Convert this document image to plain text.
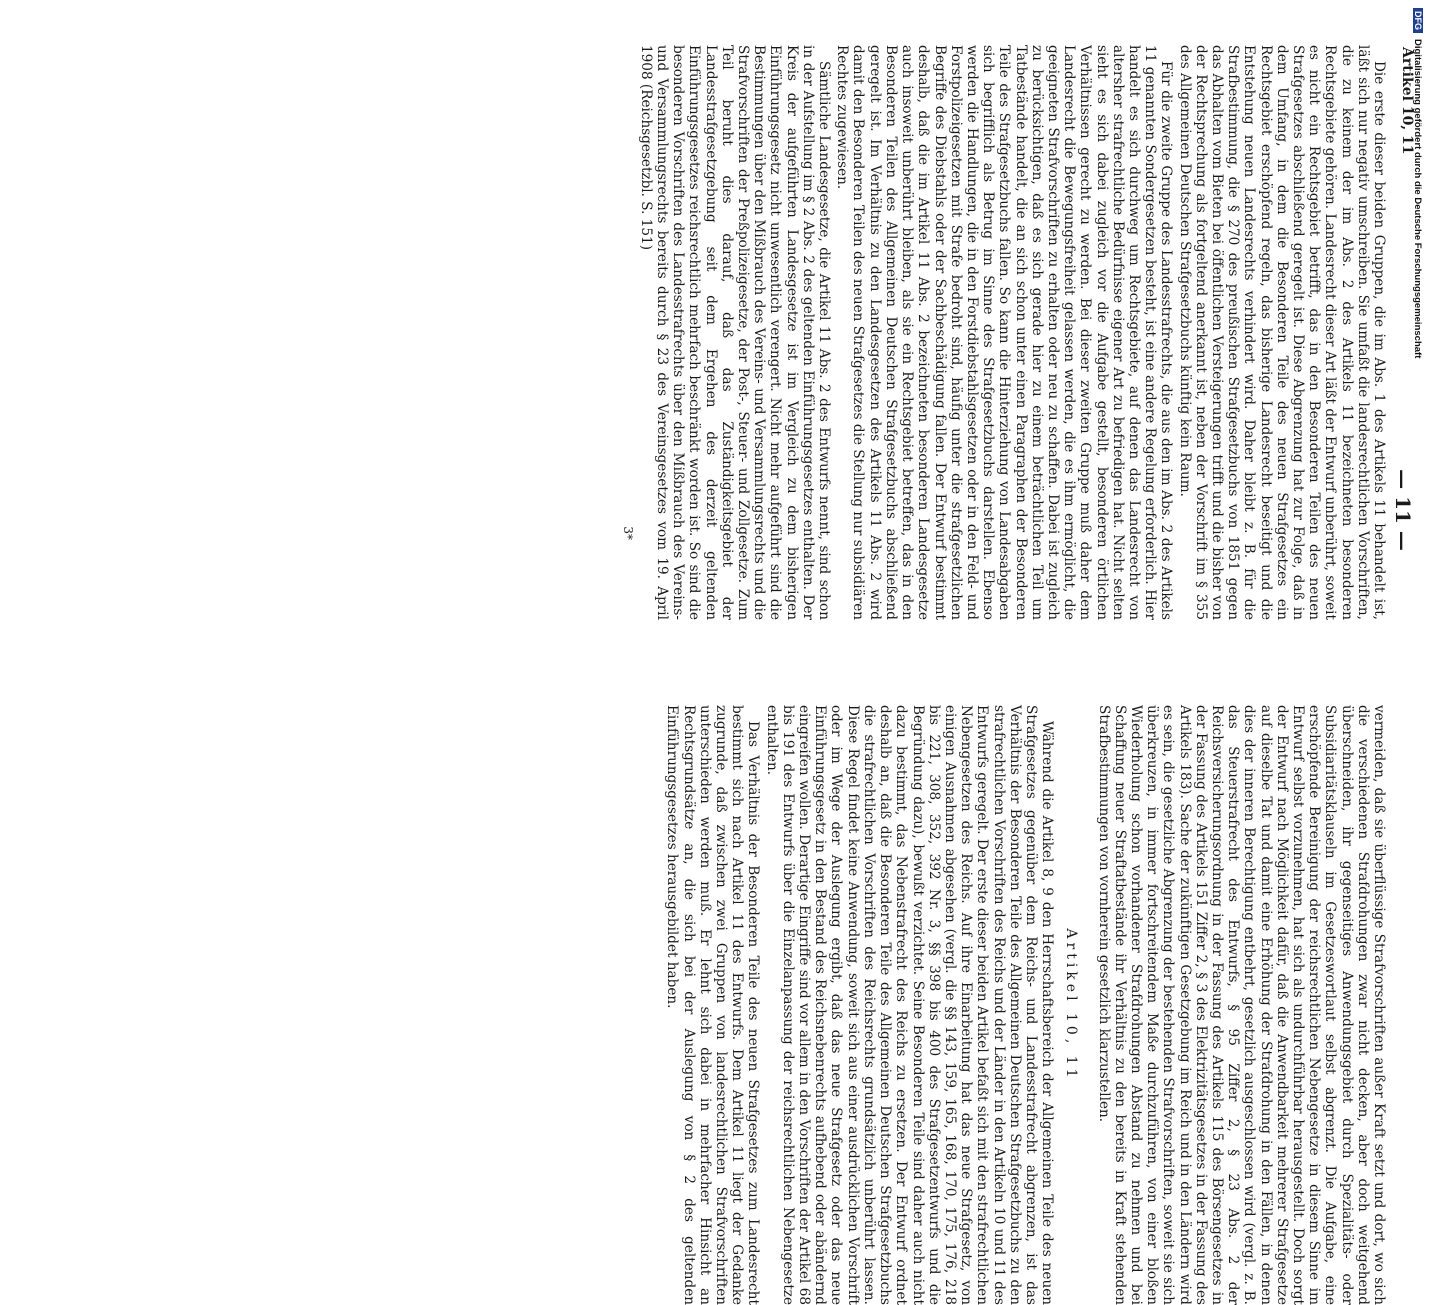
DFG
Digitalisierung gefördert durch die Deutsche Forschungsgemeinschaft
Artikel 10, 11
— 11 —

Die erste dieser beiden Gruppen, die im Abs. 1 des Artikels 11 behandelt ist, läßt sich nur negativ umschreiben. Sie umfaßt die landesrechtlichen Vorschriften, die zu keinem der im Abs. 2 des Artikels 11 bezeichneten besonderen Rechtsgebiete gehören. Landesrecht dieser Art läßt der Entwurf unberührt, soweit es nicht ein Rechtsgebiet betrifft, das in den Besonderen Teilen des neuen Strafgesetzes abschließend geregelt ist. Diese Abgrenzung hat zur Folge, daß in dem Umfang, in dem die Besonderen Teile des neuen Strafgesetzes ein Rechtsgebiet erschöpfend regeln, das bisherige Landesrecht beseitigt und die Entstehung neuen Landesrechts verhindert wird. Daher bleibt z. B. für die Strafbestimmung, die § 270 des preußischen Strafgesetzbuchs von 1851 gegen das Abhalten vom Bieten bei öffentlichen Versteigerungen trifft und die bisher von der Rechtsprechung als fortgeltend anerkannt ist, neben der Vorschrift im § 355 des Allgemeinen Deutschen Strafgesetzbuchs künftig kein Raum.

Für die zweite Gruppe des Landesstrafrechts, die aus den im Abs. 2 des Artikels 11 genannten Sondergesetzen besteht, ist eine andere Regelung erforderlich. Hier handelt es sich durchweg um Rechtsgebiete, auf denen das Landesrecht von altersher strafrechtliche Bedürfnisse eigener Art zu befriedigen hat. Nicht selten sieht es sich dabei zugleich vor die Aufgabe gestellt, besonderen örtlichen Verhältnissen gerecht zu werden. Bei dieser zweiten Gruppe muß daher dem Landesrecht die Bewegungsfreiheit gelassen werden, die es ihm ermöglicht, die geeigneten Strafvorschriften zu erhalten oder neu zu schaffen. Dabei ist zugleich zu berücksichtigen, daß es sich gerade hier zu einem beträchtlichen Teil um Tatbestände handelt, die an sich schon unter einen Paragraphen der Besonderen Teile des Strafgesetzbuchs fallen. So kann die Hinterziehung von Landesabgaben sich begrifflich als Betrug im Sinne des Strafgesetzbuchs darstellen. Ebenso werden die Handlungen, die in den Forstdiebstahlsgesetzen oder in den Feld- und Forstpolizeigesetzen mit Strafe bedroht sind, häufig unter die strafgesetzlichen Begriffe des Diebstahls oder der Sachbeschädigung fallen. Der Entwurf bestimmt deshalb, daß die im Artikel 11 Abs. 2 bezeichneten besonderen Landesgesetze auch insoweit unberührt bleiben, als sie ein Rechtsgebiet betreffen, das in den Besonderen Teilen des Allgemeinen Deutschen Strafgesetzbuchs abschließend geregelt ist. Im Verhältnis zu den Landesgesetzen des Artikels 11 Abs. 2 wird damit den Besonderen Teilen des neuen Strafgesetzes die Stellung nur subsidiären Rechtes zugewiesen.

Sämtliche Landesgesetze, die Artikel 11 Abs. 2 des Entwurfs nennt, sind schon in der Aufstellung im § 2 Abs. 2 des geltenden Einführungsgesetzes enthalten. Der Kreis der aufgeführten Landesgesetze ist im Vergleich zu dem bisherigen Einführungsgesetz nicht unwesentlich verengert. Nicht mehr aufgeführt sind die Bestimmungen über den Mißbrauch des Vereins- und Versammlungsrechts und die Strafvorschriften der Preßpolizeigesetze, der Post-, Steuer- und Zollgesetze. Zum Teil beruht dies darauf, daß das Zuständigkeitsgebiet der Landesstrafgesetzgebung seit dem Ergehen des derzeit geltenden Einführungsgesetzes reichsrechtlich mehrfach beschränkt worden ist. So sind die besonderen Vorschriften des Landesstrafrechts über den Mißbrauch des Vereins- und Versammlungsrechts bereits durch § 23 des Vereinsgesetzes vom 19. April 1908 (Reichsgesetzbl. S. 151)

3*

vermeiden, daß sie überflüssige Strafvorschriften außer Kraft setzt und dort, wo sich die verschiedenen Strafdrohungen zwar nicht decken, aber doch weitgehend überschneiden, ihr gegenseitiges Anwendungsgebiet durch Spezialitäts- oder Subsidiaritätsklauseln im Gesetzeswortlaut selbst abgrenzt. Die Aufgabe, eine erschöpfende Bereinigung der reichsrechtlichen Nebengesetze in diesem Sinne im Entwurf selbst vorzunehmen, hat sich als undurchführbar herausgestellt. Doch sorgt der Entwurf nach Möglichkeit dafür, daß die Anwendbarkeit mehrerer Strafgesetze auf dieselbe Tat und damit eine Erhöhung der Strafdrohung in den Fällen, in denen dies der inneren Berechtigung entbehrt, gesetzlich ausgeschlossen wird (vergl. z. B. das Steuerstrafrecht des Entwurfs, § 95 Ziffer 2, § 23 Abs. 2 der Reichsversicherungsordnung in der Fassung des Artikels 115 des Börsengesetzes in der Fassung des Artikels 151 Ziffer 2, § 3 des Elektrizitätsgesetzes in der Fassung des Artikels 183). Sache der zukünftigen Gesetzgebung im Reich und in den Ländern wird es sein, die gesetzliche Abgrenzung der bestehenden Strafvorschriften, soweit sie sich überkreuzen, in immer fortschreitendem Maße durchzuführen, von einer bloßen Wiederholung schon vorhandener Strafdrohungen Abstand zu nehmen und bei Schaffung neuer Straftatbestände ihr Verhältnis zu den bereits in Kraft stehenden Strafbestimmungen von vornherein gesetzlich klarzustellen.

Artikel 10, 11

Während die Artikel 8, 9 den Herrschaftsbereich der Allgemeinen Teile des neuen Strafgesetzes gegenüber dem Reichs- und Landesstrafrecht abgrenzen, ist das Verhältnis der Besonderen Teile des Allgemeinen Deutschen Strafgesetzbuchs zu den strafrechtlichen Vorschriften des Reichs und der Länder in den Artikeln 10 und 11 des Entwurfs geregelt. Der erste dieser beiden Artikel befaßt sich mit den strafrechtlichen Nebengesetzen des Reichs. Auf ihre Einarbeitung hat das neue Strafgesetz, von einigen Ausnahmen abgesehen (vergl. die §§ 143, 159, 165, 168, 170, 175, 176, 218 bis 221, 308, 352, 392 Nr. 3, §§ 398 bis 400 des Strafgesetzentwurfs und die Begründung dazu), bewußt verzichtet. Seine Besonderen Teile sind daher auch nicht dazu bestimmt, das Nebenstrafrecht des Reichs zu ersetzen. Der Entwurf ordnet deshalb an, daß die Besonderen Teile des Allgemeinen Deutschen Strafgesetzbuchs die strafrechtlichen Vorschriften des Reichsrechts grundsätzlich unberührt lassen. Diese Regel findet keine Anwendung, soweit sich aus einer ausdrücklichen Vorschrift oder im Wege der Auslegung ergibt, daß das neue Strafgesetz oder das neue Einführungsgesetz in den Bestand des Reichsnebenrechts aufhebend oder abändernd eingreifen wollen. Derartige Eingriffe sind vor allem in den Vorschriften der Artikel 68 bis 191 des Entwurfs über die Einzelanpassung der reichsrechtlichen Nebengesetze enthalten.

Das Verhältnis der Besonderen Teile des neuen Strafgesetzes zum Landesrecht bestimmt sich nach Artikel 11 des Entwurfs. Dem Artikel 11 liegt der Gedanke zugrunde, daß zwischen zwei Gruppen von landesrechtlichen Strafvorschriften unterschieden werden muß. Er lehnt sich dabei in mehrfacher Hinsicht an Rechtsgrundsätze an, die sich bei der Auslegung von § 2 des geltenden Einführungsgesetzes herausgebildet haben.
